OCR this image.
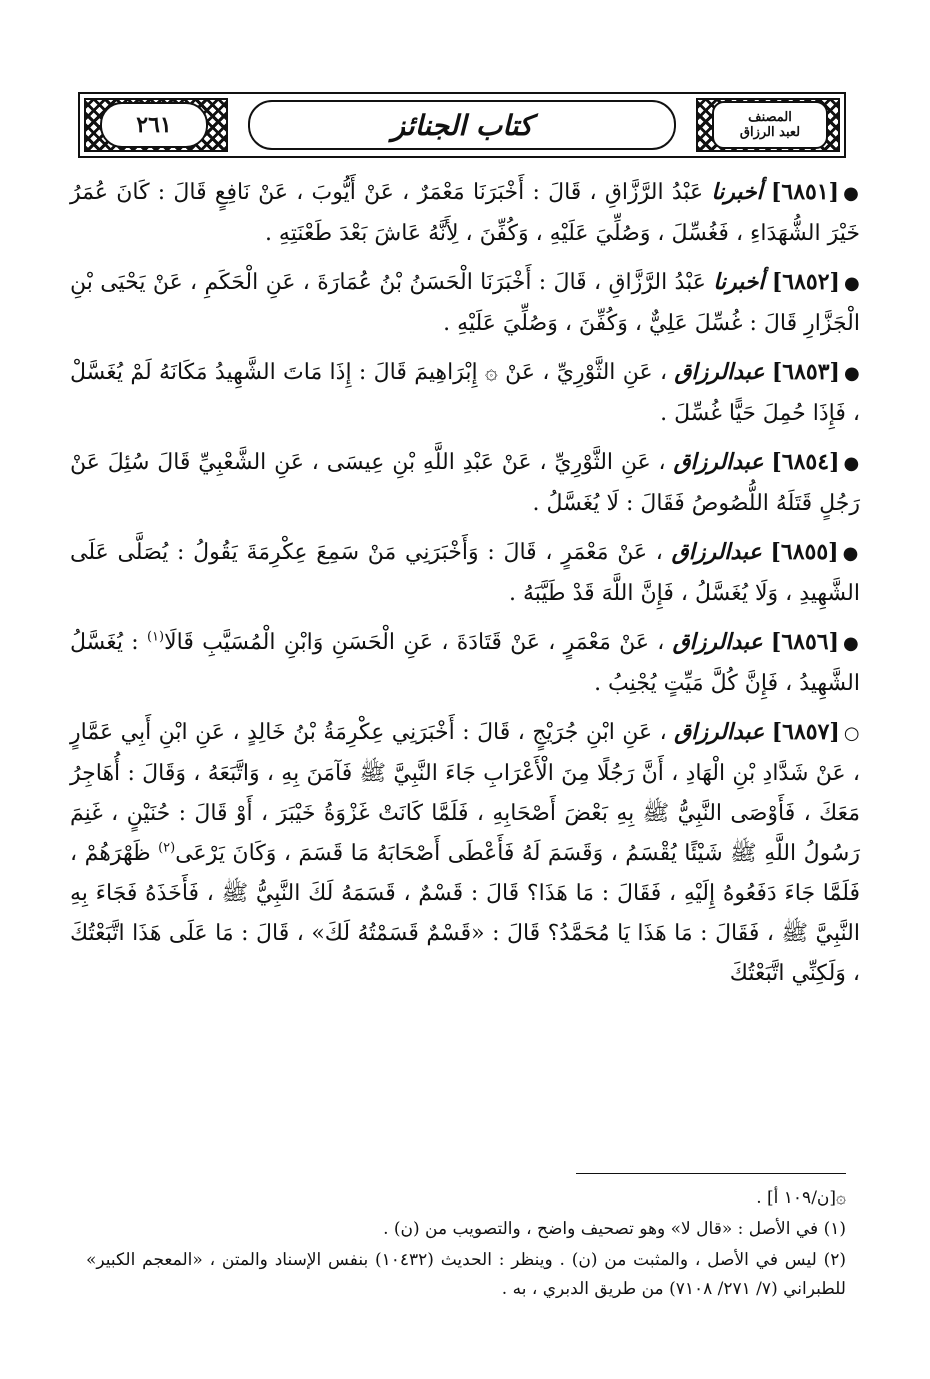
٢٦١	المصنف
لعبد الرزاق
كتاب الجنائز

●[٦٨٥١] أخبرنا عَبْدُ الرَّزَّاقِ ، قَالَ : أَخْبَرَنَا مَعْمَرٌ ، عَنْ أَيُّوبَ ، عَنْ نَافِعٍ قَالَ : كَانَ عُمَرُ خَيْرَ الشُّهَدَاءِ ، فَغُسِّلَ ، وَصُلِّيَ عَلَيْهِ ، وَكُفِّنَ ، لِأَنَّهُ عَاشَ بَعْدَ طَعْنَتِهِ .

●[٦٨٥٢] أخبرنا عَبْدُ الرَّزَّاقِ ، قَالَ : أَخْبَرَنَا الْحَسَنُ بْنُ عُمَارَةَ ، عَنِ الْحَكَمِ ، عَنْ يَحْيَى بْنِ الْجَزَّارِ قَالَ : غُسِّلَ عَلِيٌّ ، وَكُفِّنَ ، وَصُلِّيَ عَلَيْهِ .

●[٦٨٥٣] عبدالرزاق ، عَنِ الثَّوْرِيِّ ، عَنْ ۞ إِبْرَاهِيمَ قَالَ : إِذَا مَاتَ الشَّهِيدُ مَكَانَهُ لَمْ يُغَسَّلْ ، فَإِذَا حُمِلَ حَيًّا غُسِّلَ .

●[٦٨٥٤] عبدالرزاق ، عَنِ الثَّوْرِيِّ ، عَنْ عَبْدِ اللَّهِ بْنِ عِيسَى ، عَنِ الشَّعْبِيِّ قَالَ سُئِلَ عَنْ رَجُلٍ قَتَلَهُ اللُّصُوصُ فَقَالَ : لَا يُغَسَّلُ .

●[٦٨٥٥] عبدالرزاق ، عَنْ مَعْمَرٍ ، قَالَ : وَأَخْبَرَنِي مَنْ سَمِعَ عِكْرِمَةَ يَقُولُ : يُصَلَّى عَلَى الشَّهِيدِ ، وَلَا يُغَسَّلُ ، فَإِنَّ اللَّهَ قَدْ طَيَّبَهُ .

●[٦٨٥٦] عبدالرزاق ، عَنْ مَعْمَرٍ ، عَنْ قَتَادَةَ ، عَنِ الْحَسَنِ وَابْنِ الْمُسَيَّبِ قَالَا$^{(١)}$ : يُغَسَّلُ الشَّهِيدُ ، فَإِنَّ كُلَّ مَيِّتٍ يُجْنِبُ .

○[٦٨٥٧] عبدالرزاق ، عَنِ ابْنِ جُرَيْجٍ ، قَالَ : أَخْبَرَنِي عِكْرِمَةُ بْنُ خَالِدٍ ، عَنِ ابْنِ أَبِي عَمَّارٍ ، عَنْ شَدَّادِ بْنِ الْهَادِ ، أَنَّ رَجُلًا مِنَ الْأَعْرَابِ جَاءَ النَّبِيَّ ﷺ فَآمَنَ بِهِ ، وَاتَّبَعَهُ ، وَقَالَ : أُهَاجِرُ مَعَكَ ، فَأَوْصَى النَّبِيُّ ﷺ بِهِ بَعْضَ أَصْحَابِهِ ، فَلَمَّا كَانَتْ غَزْوَةُ خَيْبَرَ ، أَوْ قَالَ : حُنَيْنٍ ، غَنِمَ رَسُولُ اللَّهِ ﷺ شَيْئًا يُقْسَمُ ، وَقَسَمَ لَهُ فَأَعْطَى أَصْحَابَهُ مَا قَسَمَ ، وَكَانَ يَرْعَى$^{(٢)}$ ظَهْرَهُمْ ، فَلَمَّا جَاءَ دَفَعُوهُ إِلَيْهِ ، فَقَالَ : مَا هَذَا؟ قَالَ : قَسْمٌ ، قَسَمَهُ لَكَ النَّبِيُّ ﷺ ، فَأَخَذَهُ فَجَاءَ بِهِ النَّبِيَّ ﷺ ، فَقَالَ : مَا هَذَا يَا مُحَمَّدُ؟ قَالَ : «قَسْمٌ قَسَمْتُهُ لَكَ» ، قَالَ : مَا عَلَى هَذَا اتَّبَعْتُكَ ، وَلَكِنِّي اتَّبَعْتُكَ

۞[ن/١٠٩ أ] .

(١) في الأصل : «قال لا» وهو تصحيف واضح ، والتصويب من (ن) .

(٢) ليس في الأصل ، والمثبت من (ن) . وينظر : الحديث (١٠٤٣٢) بنفس الإسناد والمتن ، «المعجم الكبير» للطبراني (٧/ ٢٧١/ ٧١٠٨) من طريق الدبري ، به .
